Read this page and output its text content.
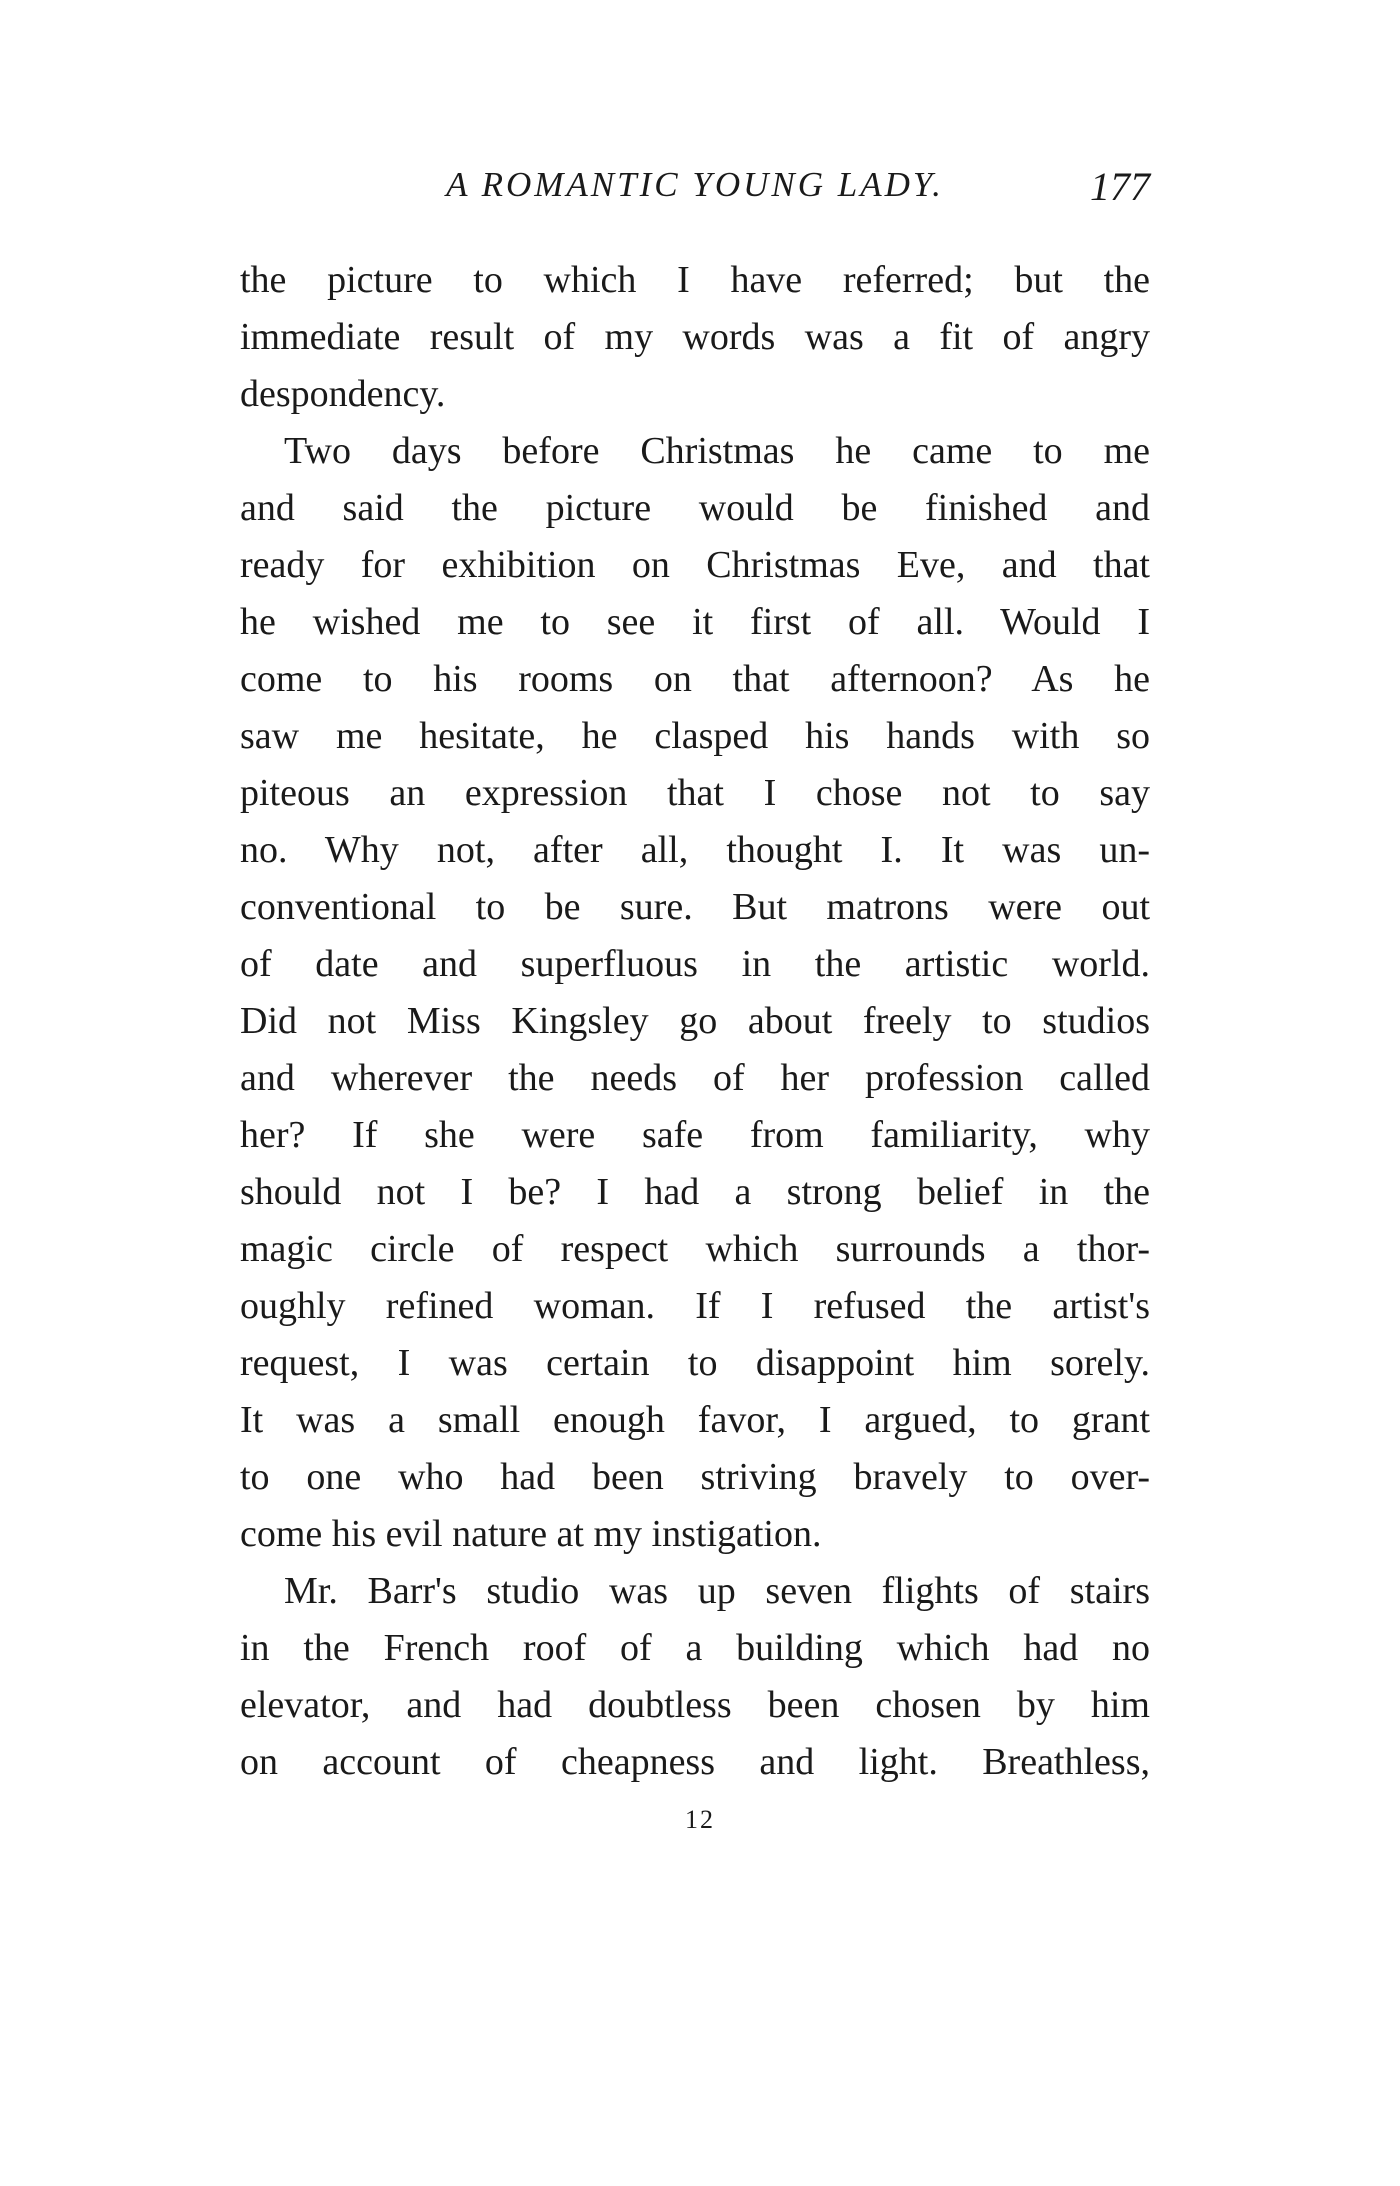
A ROMANTIC YOUNG LADY.	177
the picture to which I have referred; but the
immediate result of my words was a fit of angry
despondency.
Two days before Christmas he came to me
and said the picture would be finished and
ready for exhibition on Christmas Eve, and that
he wished me to see it first of all. Would I
come to his rooms on that afternoon? As he
saw me hesitate, he clasped his hands with so
piteous an expression that I chose not to say
no. Why not, after all, thought I. It was un-
conventional to be sure. But matrons were out
of date and superfluous in the artistic world.
Did not Miss Kingsley go about freely to studios
and wherever the needs of her profession called
her? If she were safe from familiarity, why
should not I be? I had a strong belief in the
magic circle of respect which surrounds a thor-
oughly refined woman. If I refused the artist's
request, I was certain to disappoint him sorely.
It was a small enough favor, I argued, to grant
to one who had been striving bravely to over-
come his evil nature at my instigation.
Mr. Barr's studio was up seven flights of stairs
in the French roof of a building which had no
elevator, and had doubtless been chosen by him
on account of cheapness and light. Breathless,
12
